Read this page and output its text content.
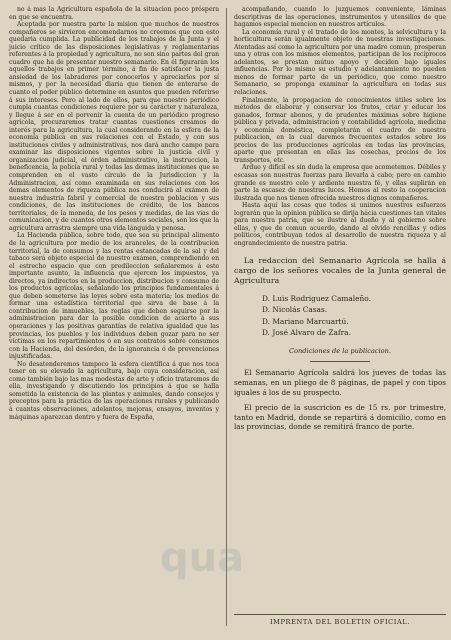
no á mas la Agricultura española de la situacion poco próspera en que se encuentra.

Aceptada por nuestra parte la mision que muchos de nuestros compañeros se sirvieron encomendarnos no creemos que con esto quedaria cumplida. La publicidad de los trabajos de la Junta y el juicio crítico de las disposiciones legislativas y reglamentarias referentes á la propiedad y agricultura, no son sino partes del gran cuadro que ha de presentar nuestro semanario. En él figurarán los aquellos trabajos en primer término, á fin de satisfacer la justa ansiedad de los labradores por conocerlos y apreciarlos por sí mismos, y por la necesidad diaria que tienen de enterarse de cuanto el poder público determine en asuntos que pueden referirse á sus intereses. Pero al lado de ellos, para que nuestro periódico cumpla cuantas condiciones requiere por su carácter y naturaleza, y llegue á ser en el porvenir la cuenta de un periódico progreso agrícola, procuraremos tratar cuantas cuestiones creamos de interés para la agricultura, la cual considerando en la esfera de la economía pública en sus relaciones con el Estado, y con sus instituciones civiles y administrativas, nos dará ancho campo para examinar las disposiciones vigentes sobre la justicia civil y organizacion judicial, el órden administrativo, la instruccion, la beneficencia, la policía rural y todas las demas instituciones que se comprenden en el vasto círculo de la Jurisdiccion y la Administracion, así como examinada en sus relaciones con los demas elementos de riqueza pública nos conducirá al exámen de nuestra industria fabril y comercial de nuestra poblacion y sus condiciones, de las instituciones de crédito, de los bancos territoriales, de la moneda, de los pesos y medidas, de las vias de comunicacion, y de cuantos otros elementos sociales, son los que la agricultura arrastra siempre una vida lánguida y penosa.

La Hacienda pública, sobre todo, que sea su principal alimento de la agricultura por medio de los aranceles, de la contribucion territorial, la de consumos y las rentas estancadas de la sal y del tabaco será objeto especial de nuestro exámen, comprendiendo en el estrecho espacio que con predileccion señalaremos á este importante asunto, la influencia que ejercen los impuestos, ya directos, ya indirectos en la produccion, distribucion y consumo de los productos agrícolas, señalando los principios fundamentales á que deben someterse las leyes sobre esta materia; los medios de formar una estadística territorial que sirva de base á la contribucion de inmuebles, las reglas que deben seguirse por la administracion para dar la posible condicion de acierto á sus operaciones y las positivas garantías de relativa igualdad que las provincias, los pueblos y los individuos deben gozar para no ser víctimas en los repartimientos ó en sus contratos sobre consumos con la Hacienda, del desórden, de la ignorancia ó de prevenciones injustificadas.

No desatenderemos tampoco la esfera científica á que nos toca tener en su elevado la agricultura, bajo cuya consideracion, así como también bajo las mas modestas de arte y oficio trataremos de ella, investigando y discutiendo los principios á que se halla sometida la existencia de las plantas y animales, dando consejos y preceptos para la práctica de las operaciones rurales y publicando á cuantas observaciones, adelantos, mejoras, ensayos, inventos y máquinas aparezcan dentro y fuera de España,

acompañando, cuando lo juzguemos conveniente, láminas descriptivas de las operaciones, instrumentos y utensilios de que hagamos especial mencion en nuestros artículos.

La economía rural y el tratado de los montes, la selvicultura y la horticultura serán igualmente objeto de nuestras investigaciones. Atentadas así como la agricultura por una madre comun, prosperan una y otras con los mismos elementos, participan de los recíprocos adelantos, se prestan mútuo apoyo y deciden bajo iguales influencias. Por lo mismo su estudio y adelantamiento no pueden menos de formar parte de un periódico, que como nuestro Semanario, se proponga examinar la agricultura en todas sus relaciones.

Finalmente, la propagacion de conocimientos útiles sobre los métodos de elaborar y conservar los frutos, criar y educar los ganados, formar abonos, y de prudentes máximas sobre higiene pública y privada, administracion y contabilidad agrícola, medicina y economía doméstica, completarán el cuadro de nuestra publicacion, en la cual daremos frecuentes estados sobre los precios de las producciones agrícolas en todas las provincias, aparte que presentan en ellas las cosechas, precios de los transportes, etc.

Arduo y difícil es sin duda la empresa que acometemos. Débiles y escasas son nuestras fuerzas para llevarla á cabo; pero en cambio grande es nuestro celo y ardiente nuestra fé, y ellas suplirán en parte la escasez de nuestras luces. Hemos al resto la cooperacion ilustrada que nos tienen ofrecida nuestros dignos compañeros.

Hasta aquí las cosas que todos si unimos nuestros esfuerzos lograrán que la opinion pública se dirija hácia cuestiones tan vitales para nuestra patria, que se ilustre al dueño y al gobierno sobre ellas, y que de comun acuerdo, dando al olvido rencillas y odios políticos, contribuyan todos al desarrollo de nuestra riqueza y al engrandecimiento de nuestra patria.

La redaccion del Semanario Agrícola se halla á cargo de los señores vocales de la Junta general de Agricultura
D. Luis Rodriguez Camaleño.
D. Nicolás Casas.
D. Mariano Marcuartú.
D. José Alvaro de Zafra.
Condiciones de la publicacion.
El Semanario Agrícola saldrá los jueves de todas las semanas, en un pliego de 8 páginas, de papel y con tipos iguales á los de su prospecto.
El precio de la suscricion es de 15 rs. por trimestre, tanto en Madrid, donde se repartirá á domicilio, como en las provincias, donde se remitirá franco de porte.
IMPRENTA DEL BOLETIN OFICIAL.
qua
